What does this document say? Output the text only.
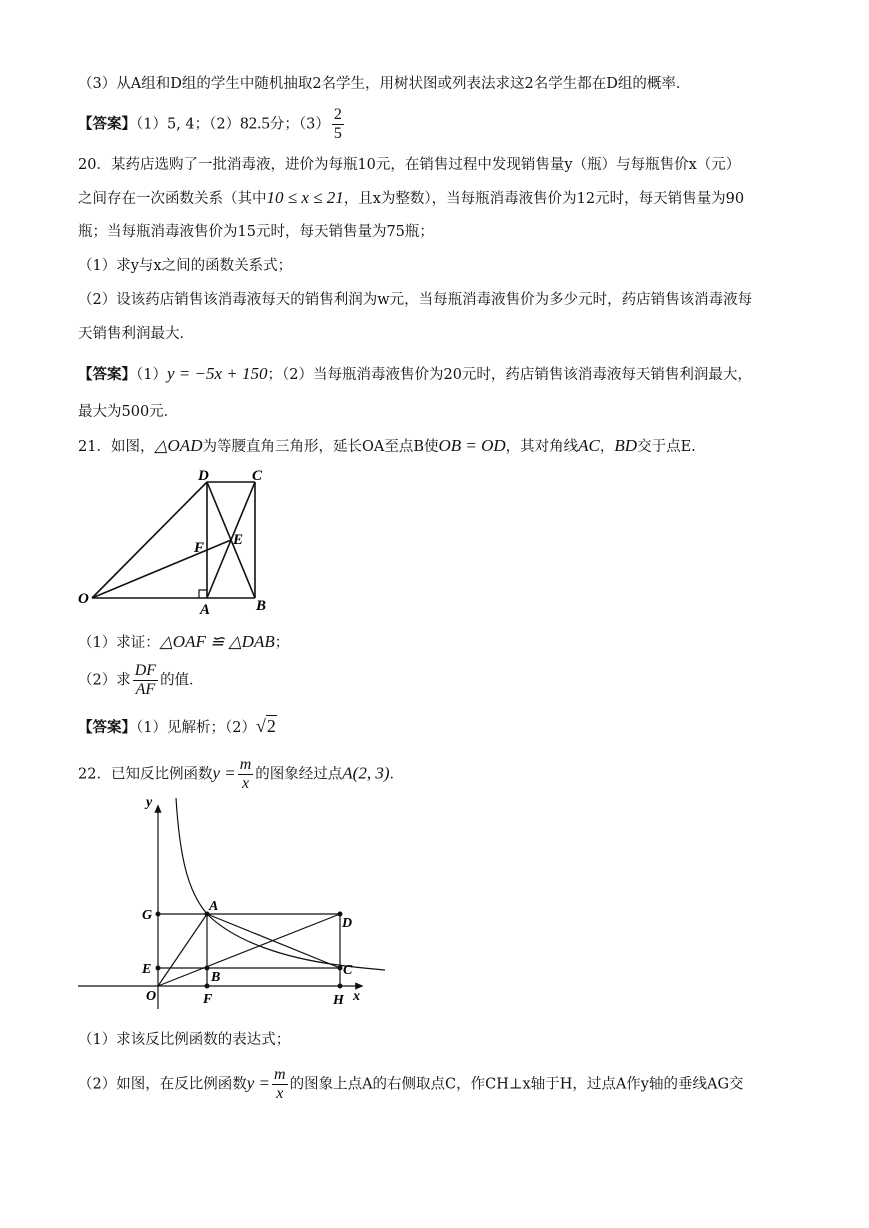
（3）从A组和D组的学生中随机抽取2名学生，用树状图或列表法求这2名学生都在D组的概率．
【答案】（1）5, 4；（2）82.5分；$(3) \frac{2}{5}$
20．某药店选购了一批消毒液，进价为每瓶10元，在销售过程中发现销售量y（瓶）与每瓶售价x（元）
之间存在一次函数关系（其中10 ≤ x ≤ 21，且x为整数），当每瓶消毒液售价为12元时，每天销售量为90
瓶；当每瓶消毒液售价为15元时，每天销售量为75瓶；
（1）求y与x之间的函数关系式；
（2）设该药店销售该消毒液每天的销售利润为w元，当每瓶消毒液售价为多少元时，药店销售该消毒液每
天销售利润最大．
【答案】（1）y = −5x + 150；（2）当每瓶消毒液售价为20元时，药店销售该消毒液每天销售利润最大，
最大为500元．
21．如图，△OAD为等腰直角三角形，延长OA至点B使OB = OD，其对角线AC，BD交于点E.
D	C
E
F
O
A	B
（1）求证：△OAF ≌ △DAB；
（2）求 $\frac{DF}{AF}$ 的值．
【答案】（1）见解析；（2）√2
22．已知反比例函数$y = \frac{m}{x}$ 的图象经过点A(2, 3)．
y
x
O
G
A
D
E
B	C
F	H
（1）求该反比例函数的表达式；
（2）如图，在反比例函数$y = \frac{m}{x}$ 的图象上点A的右侧取点C，作CH⊥x轴于H，过点A作y轴的垂线AG交
